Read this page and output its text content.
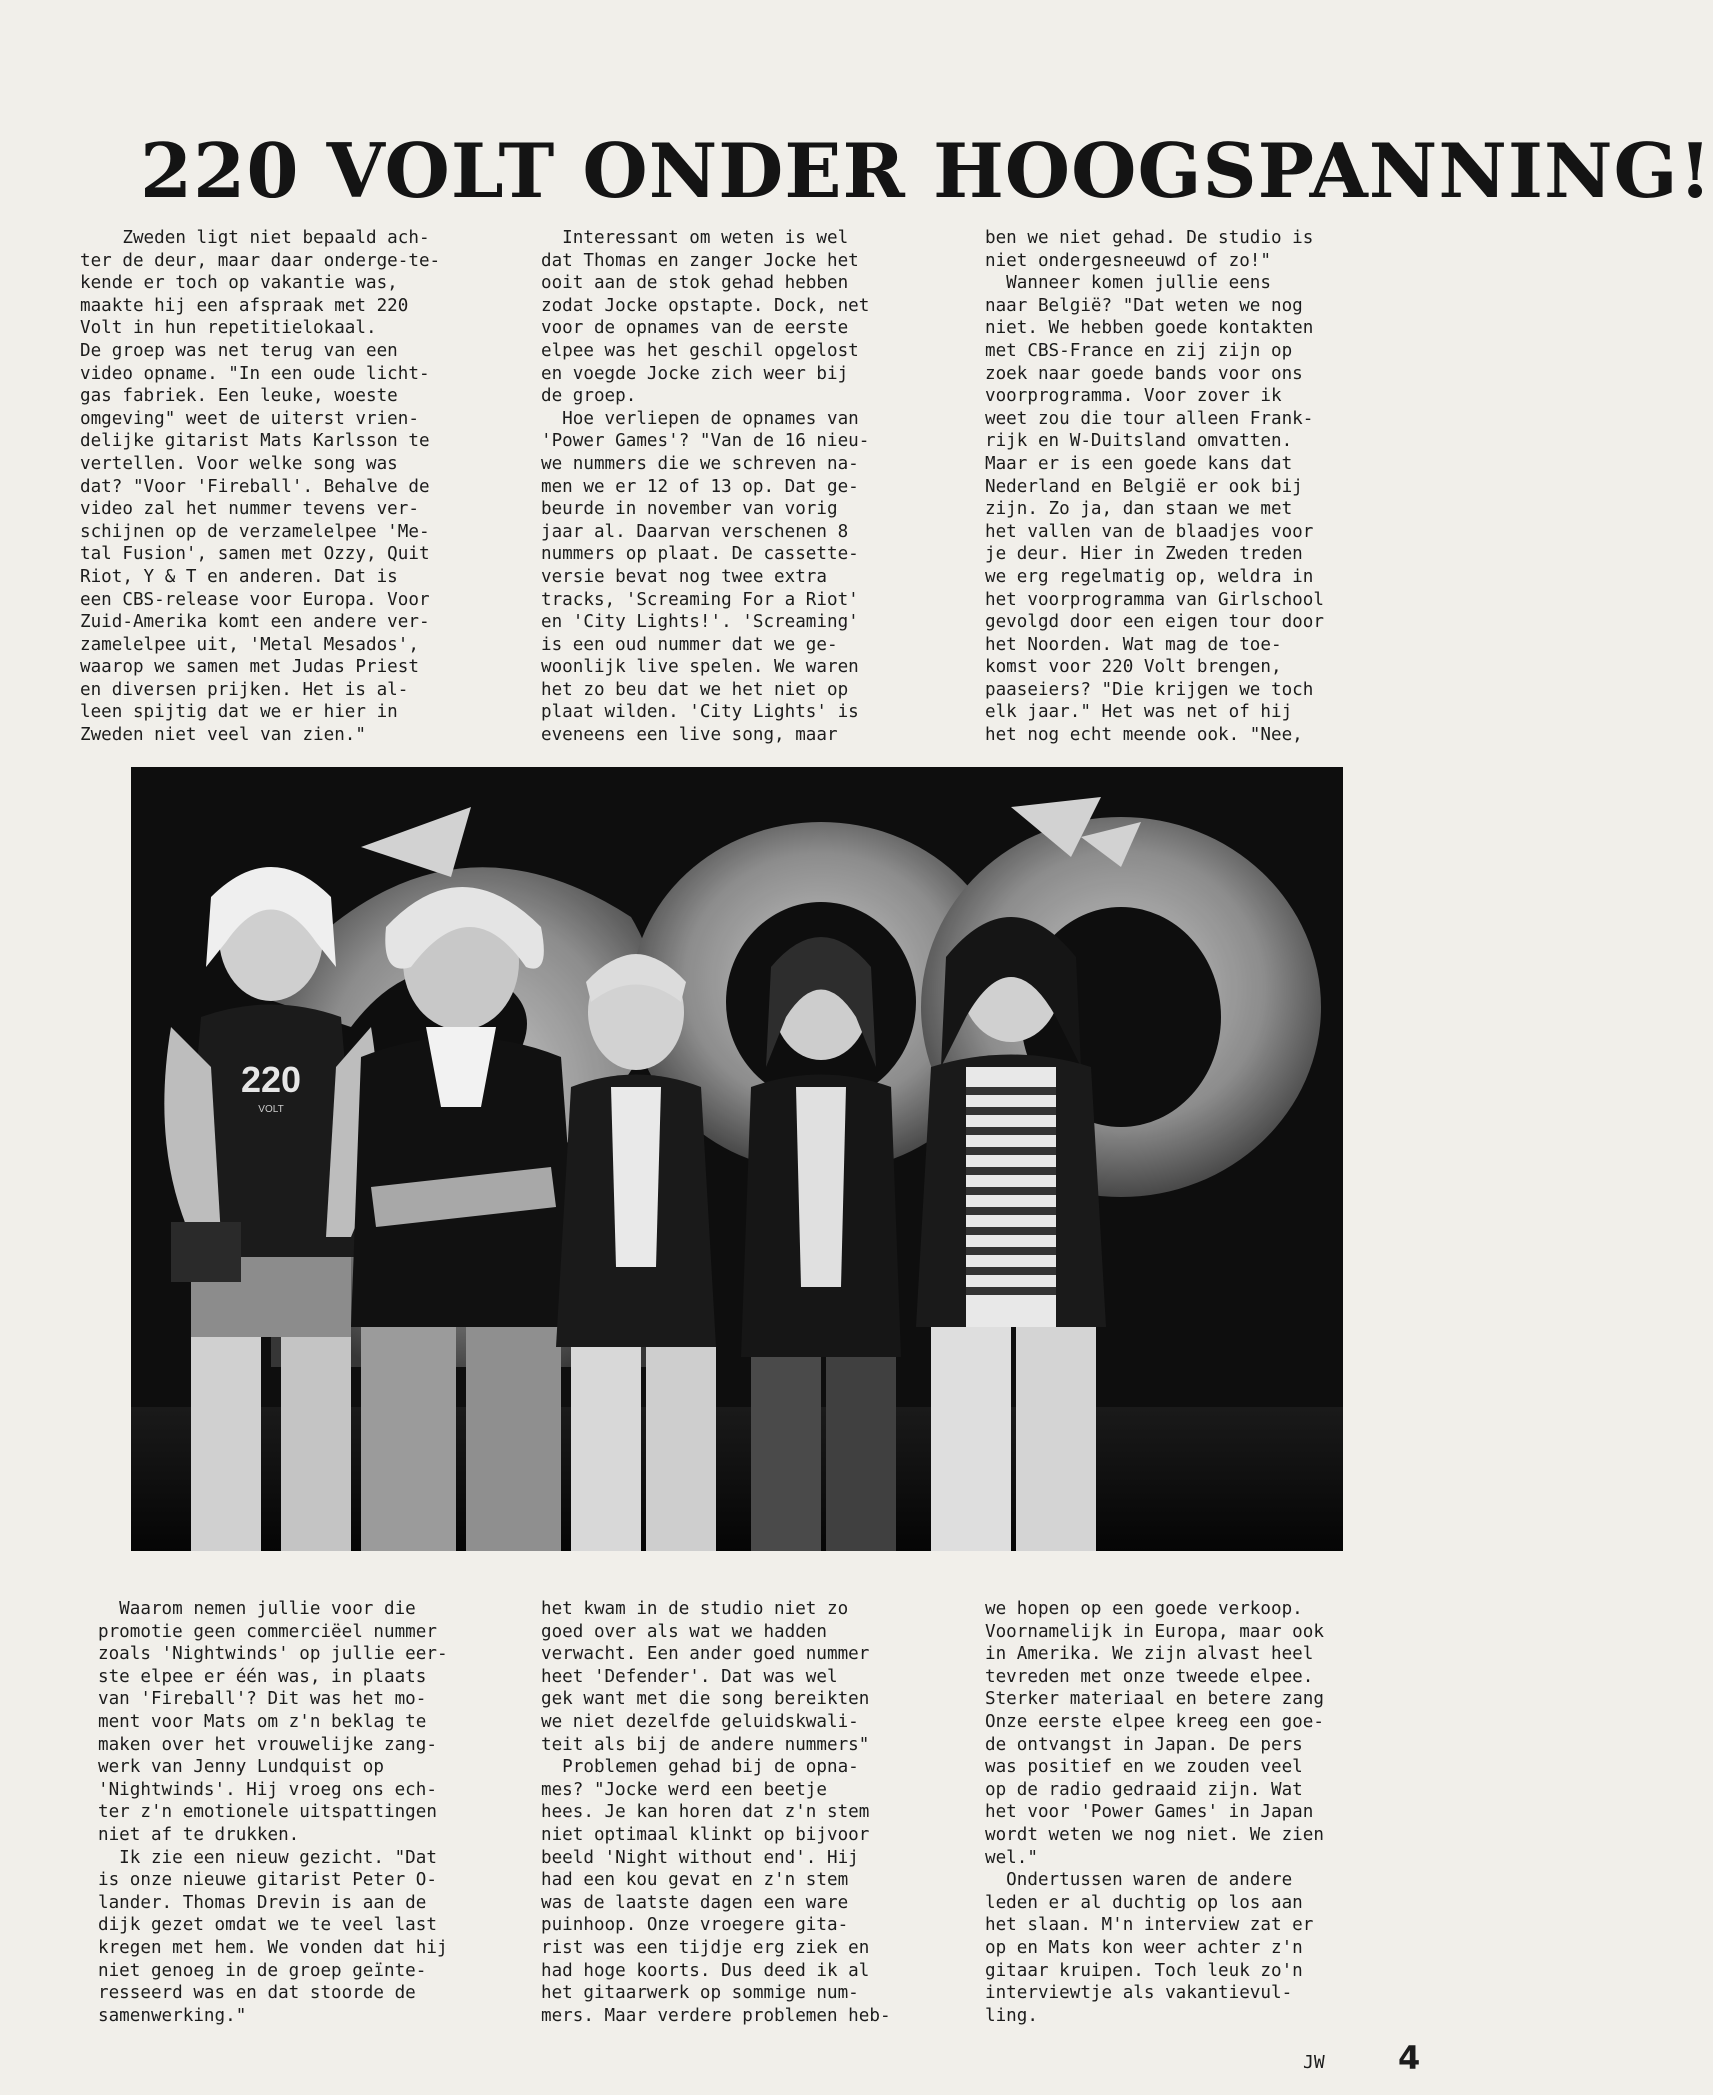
220 VOLT ONDER HOOGSPANNING!
Zweden ligt niet bepaald ach-
ter de deur, maar daar onderge-te-
kende er toch op vakantie was,
maakte hij een afspraak met 220
Volt in hun repetitielokaal.
De groep was net terug van een
video opname. "In een oude licht-
gas fabriek. Een leuke, woeste
omgeving" weet de uiterst vrien-
delijke gitarist Mats Karlsson te
vertellen. Voor welke song was
dat? "Voor 'Fireball'. Behalve de
video zal het nummer tevens ver-
schijnen op de verzamelelpee 'Me-
tal Fusion', samen met Ozzy, Quit
Riot, Y & T en anderen. Dat is
een CBS-release voor Europa. Voor
Zuid-Amerika komt een andere ver-
zamelelpee uit, 'Metal Mesados',
waarop we samen met Judas Priest
en diversen prijken. Het is al-
leen spijtig dat we er hier in
Zweden niet veel van zien."
Interessant om weten is wel
dat Thomas en zanger Jocke het
ooit aan de stok gehad hebben
zodat Jocke opstapte. Dock, net
voor de opnames van de eerste
elpee was het geschil opgelost
en voegde Jocke zich weer bij
de groep.
Hoe verliepen de opnames van
'Power Games'? "Van de 16 nieu-
we nummers die we schreven na-
men we er 12 of 13 op. Dat ge-
beurde in november van vorig
jaar al. Daarvan verschenen 8
nummers op plaat. De cassette-
versie bevat nog twee extra
tracks, 'Screaming For a Riot'
en 'City Lights!'. 'Screaming'
is een oud nummer dat we ge-
woonlijk live spelen. We waren
het zo beu dat we het niet op
plaat wilden. 'City Lights' is
eveneens een live song, maar
ben we niet gehad. De studio is
niet ondergesneeuwd of zo!"
Wanneer komen jullie eens
naar België? "Dat weten we nog
niet. We hebben goede kontakten
met CBS-France en zij zijn op
zoek naar goede bands voor ons
voorprogramma. Voor zover ik
weet zou die tour alleen Frank-
rijk en W-Duitsland omvatten.
Maar er is een goede kans dat
Nederland en België er ook bij
zijn. Zo ja, dan staan we met
het vallen van de blaadjes voor
je deur. Hier in Zweden treden
we erg regelmatig op, weldra in
het voorprogramma van Girlschool
gevolgd door een eigen tour door
het Noorden. Wat mag de toe-
komst voor 220 Volt brengen,
paaseiers? "Die krijgen we toch
elk jaar." Het was net of hij
het nog echt meende ook. "Nee,
220
VOLT
Waarom nemen jullie voor die
promotie geen commerciëel nummer
zoals 'Nightwinds' op jullie eer-
ste elpee er één was, in plaats
van 'Fireball'? Dit was het mo-
ment voor Mats om z'n beklag te
maken over het vrouwelijke zang-
werk van Jenny Lundquist op
'Nightwinds'. Hij vroeg ons ech-
ter z'n emotionele uitspattingen
niet af te drukken.
Ik zie een nieuw gezicht. "Dat
is onze nieuwe gitarist Peter O-
lander. Thomas Drevin is aan de
dijk gezet omdat we te veel last
kregen met hem. We vonden dat hij
niet genoeg in de groep geïnte-
resseerd was en dat stoorde de
samenwerking."
het kwam in de studio niet zo
goed over als wat we hadden
verwacht. Een ander goed nummer
heet 'Defender'. Dat was wel
gek want met die song bereikten
we niet dezelfde geluidskwali-
teit als bij de andere nummers"
Problemen gehad bij de opna-
mes? "Jocke werd een beetje
hees. Je kan horen dat z'n stem
niet optimaal klinkt op bijvoor
beeld 'Night without end'. Hij
had een kou gevat en z'n stem
was de laatste dagen een ware
puinhoop. Onze vroegere gita-
rist was een tijdje erg ziek en
had hoge koorts. Dus deed ik al
het gitaarwerk op sommige num-
mers. Maar verdere problemen heb-
we hopen op een goede verkoop.
Voornamelijk in Europa, maar ook
in Amerika. We zijn alvast heel
tevreden met onze tweede elpee.
Sterker materiaal en betere zang
Onze eerste elpee kreeg een goe-
de ontvangst in Japan. De pers
was positief en we zouden veel
op de radio gedraaid zijn. Wat
het voor 'Power Games' in Japan
wordt weten we nog niet. We zien
wel."
Ondertussen waren de andere
leden er al duchtig op los aan
het slaan. M'n interview zat er
op en Mats kon weer achter z'n
gitaar kruipen. Toch leuk zo'n
interviewtje als vakantievul-
ling.
JW 4
